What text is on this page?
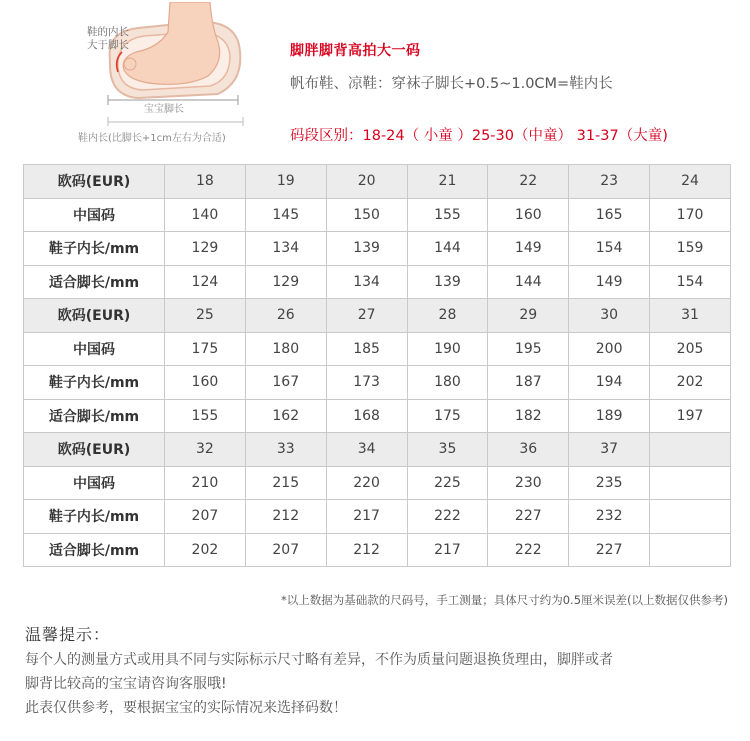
鞋的内长
大于脚长
宝宝脚长
鞋内长(比脚长+1cm左右为合适)
脚胖脚背高拍大一码
帆布鞋、凉鞋：穿袜子脚长+0.5~1.0CM=鞋内长
码段区别：18-24（ 小童 ）25-30（中童） 31-37（大童)
欧码(EUR)	18	19	20	21	22	23	24
中国码	140	145	150	155	160	165	170
鞋子内长/mm	129	134	139	144	149	154	159
适合脚长/mm	124	129	134	139	144	149	154
欧码(EUR)	25	26	27	28	29	30	31
中国码	175	180	185	190	195	200	205
鞋子内长/mm	160	167	173	180	187	194	202
适合脚长/mm	155	162	168	175	182	189	197
欧码(EUR)	32	33	34	35	36	37	
中国码	210	215	220	225	230	235	
鞋子内长/mm	207	212	217	222	227	232	
适合脚长/mm	202	207	212	217	222	227	
*以上数据为基础款的尺码号，手工测量；具体尺寸约为0.5厘米误差(以上数据仅供参考)
温馨提示：

每个人的测量方式或用具不同与实际标示尺寸略有差异，不作为质量问题退换货理由，脚胖或者

脚背比较高的宝宝请咨询客服哦!

此表仅供参考，要根据宝宝的实际情况来选择码数！
